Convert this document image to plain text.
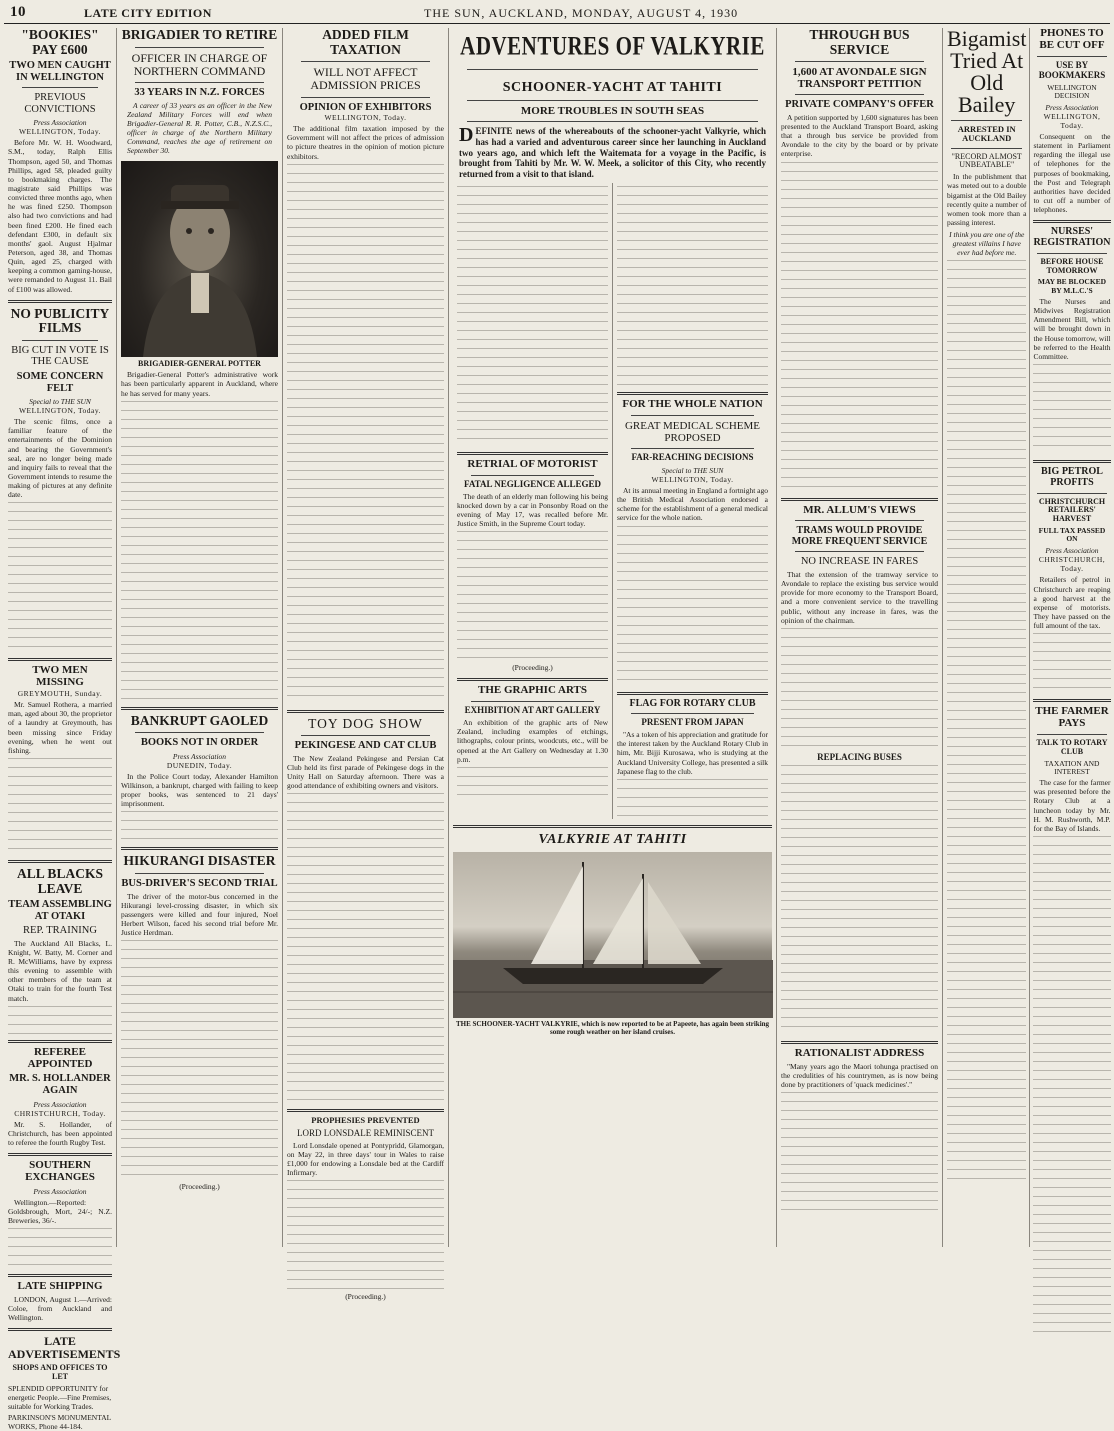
10	LATE CITY EDITION	THE SUN, AUCKLAND, MONDAY, AUGUST 4, 1930
"BOOKIES" PAY £600
TWO MEN CAUGHT IN WELLINGTON
PREVIOUS CONVICTIONS
Press Association
WELLINGTON, Today.

Before Mr. W. H. Woodward, S.M., today, Ralph Ellis Thompson, aged 50, and Thomas Phillips, aged 58, pleaded guilty to bookmaking charges. The magistrate said Phillips was convicted three months ago, when he was fined £250. Thompson also had two convictions and had been fined £200. He fined each defendant £300, in default six months' gaol. August Hjalmar Peterson, aged 38, and Thomas Quin, aged 25, charged with keeping a common gaming-house, were remanded to August 11. Bail of £100 was allowed.

NO PUBLICITY FILMS
BIG CUT IN VOTE IS THE CAUSE
SOME CONCERN FELT
Special to THE SUN
WELLINGTON, Today.

The scenic films, once a familiar feature of the entertainments of the Dominion and bearing the Government's seal, are no longer being made and inquiry fails to reveal that the Government intends to resume the making of pictures at any definite date.

TWO MEN MISSING
GREYMOUTH, Sunday.

Mr. Samuel Rothera, a married man, aged about 30, the proprietor of a laundry at Greymouth, has been missing since Friday evening, when he went out fishing.

ALL BLACKS LEAVE
TEAM ASSEMBLING AT OTAKI
REP. TRAINING

The Auckland All Blacks, L. Knight, W. Batty, M. Corner and R. McWilliams, have by express this evening to assemble with other members of the team at Otaki to train for the fourth Test match.

REFEREE APPOINTED
MR. S. HOLLANDER AGAIN
Press Association
CHRISTCHURCH, Today.

Mr. S. Hollander, of Christchurch, has been appointed to referee the fourth Rugby Test.

SOUTHERN EXCHANGES
Press Association

Wellington.—Reported: Goldsbrough, Mort, 24/-; N.Z. Breweries, 36/-.

LATE SHIPPING

LONDON, August 1.—Arrived: Coloe, from Auckland and Wellington.

LATE ADVERTISEMENTS
SHOPS AND OFFICES TO LET

SPLENDID OPPORTUNITY for energetic People.—Fine Premises, suitable for Working Trades.

PARKINSON'S MONUMENTAL WORKS, Phone 44-184.

BRIGADIER TO RETIRE
OFFICER IN CHARGE OF NORTHERN COMMAND
33 YEARS IN N.Z. FORCES

A career of 33 years as an officer in the New Zealand Military Forces will end when Brigadier-General R. R. Potter, C.B., N.Z.S.C., officer in charge of the Northern Military Command, reaches the age of retirement on September 30.

BRIGADIER-GENERAL POTTER

Brigadier-General Potter's administrative work has been particularly apparent in Auckland, where he has served for many years.

BANKRUPT GAOLED
BOOKS NOT IN ORDER
Press Association
DUNEDIN, Today.

In the Police Court today, Alexander Hamilton Wilkinson, a bankrupt, charged with failing to keep proper books, was sentenced to 21 days' imprisonment.

HIKURANGI DISASTER
BUS-DRIVER'S SECOND TRIAL

The driver of the motor-bus concerned in the Hikurangi level-crossing disaster, in which six passengers were killed and four injured, Noel Herbert Wilson, faced his second trial before Mr. Justice Herdman.

(Proceeding.)
ADDED FILM TAXATION
WILL NOT AFFECT ADMISSION PRICES
OPINION OF EXHIBITORS
WELLINGTON, Today.

The additional film taxation imposed by the Government will not affect the prices of admission to picture theatres in the opinion of motion picture exhibitors.

TOY DOG SHOW
PEKINGESE AND CAT CLUB

The New Zealand Pekingese and Persian Cat Club held its first parade of Pekingese dogs in the Unity Hall on Saturday afternoon. There was a good attendance of exhibiting owners and visitors.

PROPHESIES PREVENTED
LORD LONSDALE REMINISCENT

Lord Lonsdale opened at Pontypridd, Glamorgan, on May 22, in three days' tour in Wales to raise £1,000 for endowing a Lonsdale bed at the Cardiff Infirmary.

(Proceeding.)
ADVENTURES OF VALKYRIE
SCHOONER-YACHT AT TAHITI
MORE TROUBLES IN SOUTH SEAS

DEFINITE news of the whereabouts of the schooner-yacht Valkyrie, which has had a varied and adventurous career since her launching in Auckland two years ago, and which left the Waitemata for a voyage in the Pacific, is brought from Tahiti by Mr. W. W. Meek, a solicitor of this City, who recently returned from a visit to that island.

RETRIAL OF MOTORIST
FATAL NEGLIGENCE ALLEGED

The death of an elderly man following his being knocked down by a car in Ponsonby Road on the evening of May 17, was recalled before Mr. Justice Smith, in the Supreme Court today.

(Proceeding.)
THE GRAPHIC ARTS
EXHIBITION AT ART GALLERY

An exhibition of the graphic arts of New Zealand, including examples of etchings, lithographs, colour prints, woodcuts, etc., will be opened at the Art Gallery on Wednesday at 1.30 p.m.

FOR THE WHOLE NATION
GREAT MEDICAL SCHEME PROPOSED
FAR-REACHING DECISIONS
Special to THE SUN
WELLINGTON, Today.

At its annual meeting in England a fortnight ago the British Medical Association endorsed a scheme for the establishment of a general medical service for the whole nation.

FLAG FOR ROTARY CLUB
PRESENT FROM JAPAN

"As a token of his appreciation and gratitude for the interest taken by the Auckland Rotary Club in him, Mr. Bijji Kurosawa, who is studying at the Auckland University College, has presented a silk Japanese flag to the club.

VALKYRIE AT TAHITI
THE SCHOONER-YACHT VALKYRIE, which is now reported to be at Papeete, has again been striking some rough weather on her island cruises.
THROUGH BUS SERVICE
1,600 AT AVONDALE SIGN TRANSPORT PETITION
PRIVATE COMPANY'S OFFER

A petition supported by 1,600 signatures has been presented to the Auckland Transport Board, asking that a through bus service be provided from Avondale to the city by the board or by private enterprise.

MR. ALLUM'S VIEWS
TRAMS WOULD PROVIDE MORE FREQUENT SERVICE
NO INCREASE IN FARES

That the extension of the tramway service to Avondale to replace the existing bus service would provide for more economy to the Transport Board, and a more convenient service to the travelling public, without any increase in fares, was the opinion of the chairman.

REPLACING BUSES
RATIONALIST ADDRESS

"Many years ago the Maori tohunga practised on the credulities of his countrymen, as is now being done by practitioners of 'quack medicines'."

Bigamist Tried At Old Bailey
ARRESTED IN AUCKLAND
"RECORD ALMOST UNBEATABLE"

In the publishment that was meted out to a double bigamist at the Old Bailey recently quite a number of women took more than a passing interest.

I think you are one of the greatest villains I have ever had before me.

PHONES TO BE CUT OFF
USE BY BOOKMAKERS
WELLINGTON DECISION
Press Association
WELLINGTON, Today.

Consequent on the statement in Parliament regarding the illegal use of telephones for the purposes of bookmaking, the Post and Telegraph authorities have decided to cut off a number of telephones.

NURSES' REGISTRATION
BEFORE HOUSE TOMORROW
MAY BE BLOCKED BY M.L.C.'S

The Nurses and Midwives Registration Amendment Bill, which will be brought down in the House tomorrow, will be referred to the Health Committee.

BIG PETROL PROFITS
CHRISTCHURCH RETAILERS' HARVEST
FULL TAX PASSED ON
Press Association
CHRISTCHURCH, Today.

Retailers of petrol in Christchurch are reaping a good harvest at the expense of motorists. They have passed on the full amount of the tax.

THE FARMER PAYS
TALK TO ROTARY CLUB
TAXATION AND INTEREST

The case for the farmer was presented before the Rotary Club at a luncheon today by Mr. H. M. Rushworth, M.P. for the Bay of Islands.
